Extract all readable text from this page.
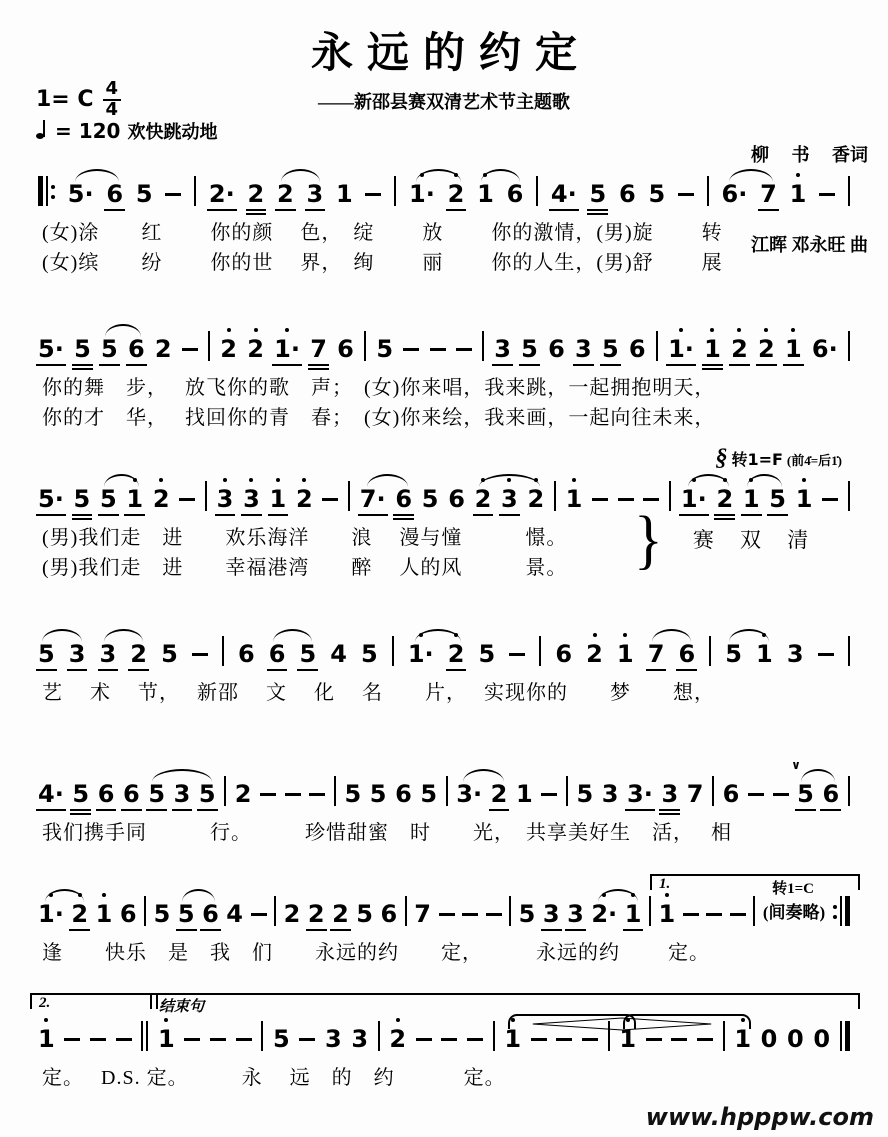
永远的约定
——新邵县赛双清艺术节主题歌

柳　 书　 香词

江晖 邓永旺 曲

1= C $\frac{4}{4}$
= 120 欢快跳动地
5· 6 5 2· 2 2 3 1 1· 2 1 6 4· 5 6 5 6· 7 1
(女)涂　　红　　 你的颜　 色，　绽　　 放　　 你的激情，(男)旋　　 转
(女)缤　　纷　　 你的世　 界，　绚　　 丽　　 你的人生，(男)舒　　 展
5· 5 5 6 2 2 2 1· 7 6 5	3 5 6 3 5 6 1· 1 2 2 1 6·
你的舞　步，　 放飞你的歌　声；　(女)你来唱，我来跳，一起拥抱明天，
你的才　华，　 找回你的青　春；　(女)你来绘，我来画，一起向往未来，
§ 转1=F (前4̇=后1̇)
5· 5 5 1 2 3 3 1 2 7· 6 5 6 2 3 2 1	1· 2 1 5 1
(男)我们走　进　　欢乐海洋　　浪　 漫与憧　　　憬。
(男)我们走　进　　幸福港湾　　醉　 人的风　　　景。	} 赛　 双　 清
5 3 3 2 5	6 6 5 4 5 1· 2 5	6 2 1 7 6 5 1 3
艺　 术　 节，　 新邵　 文　 化　 名　　片，　 实现你的　　梦　　想，
4· 5 6 6 5 3 5 2	5 5 6 5 3· 2 1 5 3 3· 3 7 6 5
∨
6
我们携手同　　　行。　　　珍惜甜蜜　时　　光，　共享美好生　活，　 相
1· 2 1 6 5 5 6 4 2 2 2 5 6 7	5 3 3 2· 1 1	(间奏略)
1.	转1=C
逢　　快乐　是　我　们　　永远的约　　定，　　　永远的约　　 定。
1	1	5 3 3 2	1	1	1 0 0 0
2.	结束句
定。　 D.S. 定。　　　永　 远　的　约　　　 定。
www.hpppw.com
